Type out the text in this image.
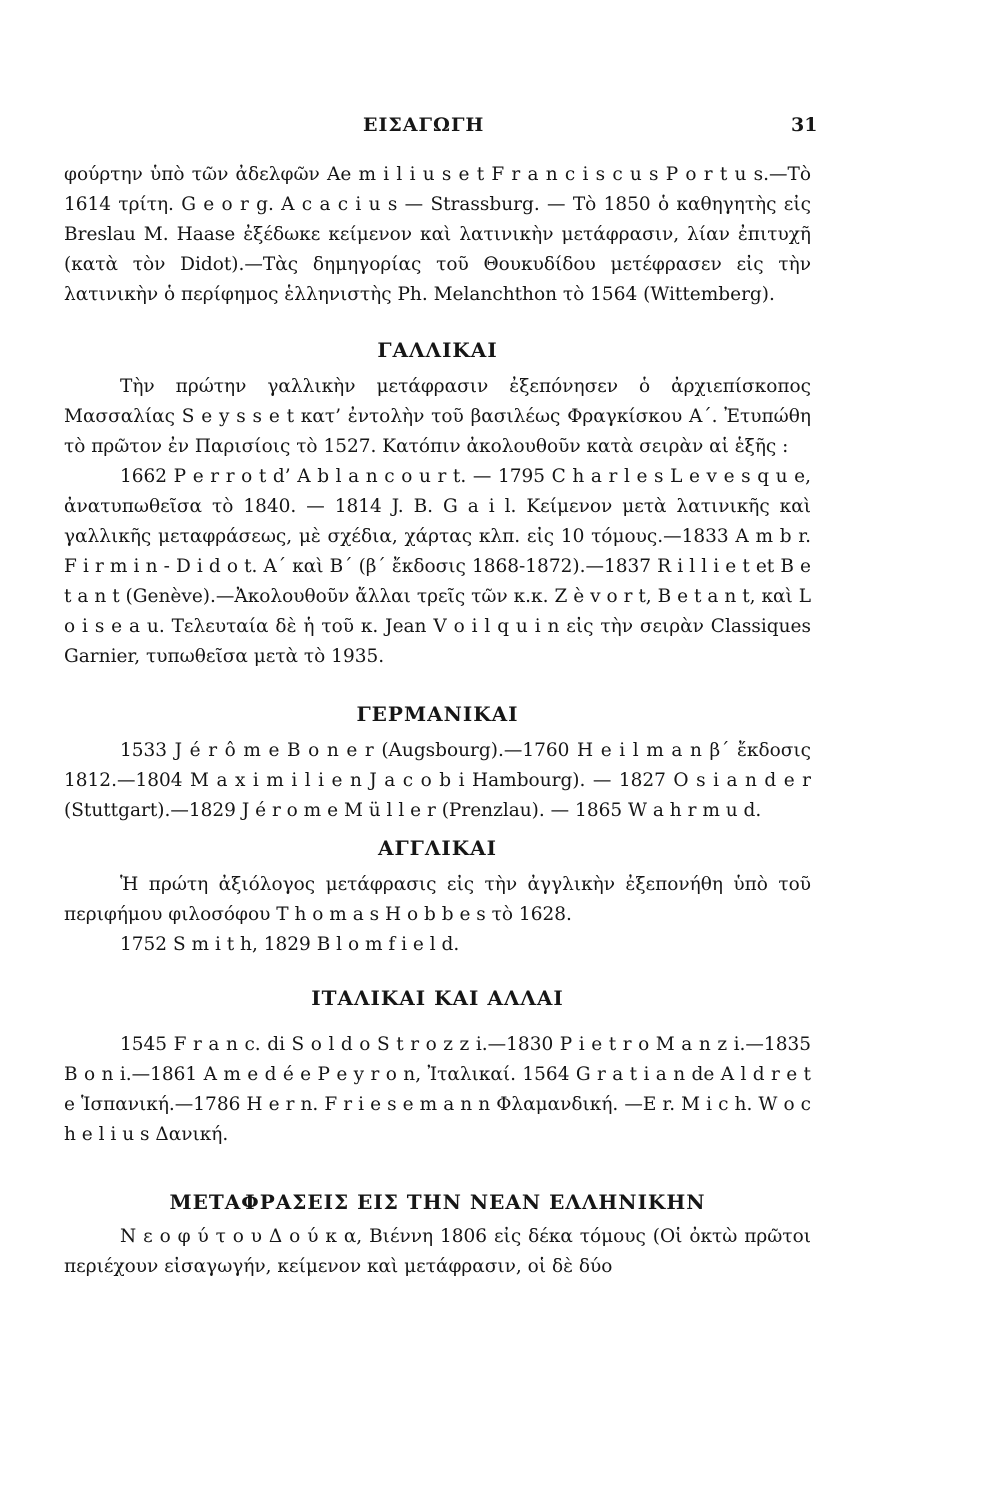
ΕΙΣΑΓΩΓΗ	31

φούρτην ὑπὸ τῶν ἀδελφῶν Ae m i l i u s e t F r a n c i s c u s P o r t u s.—Τὸ 1614 τρίτη. G e o r g. A c a c i u s — Strassburg. — Τὸ 1850 ὁ καθηγητὴς εἰς Breslau M. Haase ἐξέδωκε κείμενον καὶ λατινικὴν μετάφρασιν, λίαν ἐπιτυχῆ (κατὰ τὸν Didot).—Τὰς δημηγορίας τοῦ Θουκυδίδου μετέφρασεν εἰς τὴν λατινικὴν ὁ περίφημος ἑλληνιστὴς Ph. Melanchthon τὸ 1564 (Wittemberg).

ΓΑΛΛΙΚΑΙ

Τὴν πρώτην γαλλικὴν μετάφρασιν ἐξεπόνησεν ὁ ἀρχιεπίσκοπος Μασσαλίας S e y s s e t κατ’ ἐντολὴν τοῦ βασιλέως Φραγκίσκου Α΄. Ἐτυπώθη τὸ πρῶτον ἐν Παρισίοις τὸ 1527. Κατόπιν ἀκολουθοῦν κατὰ σειρὰν αἱ ἑξῆς :

1662 P e r r o t d’ A b l a n c o u r t. — 1795 C h a r l e s L e v e s q u e, ἀνατυπωθεῖσα τὸ 1840. — 1814 J. B. G a i l. Κείμενον μετὰ λατινικῆς καὶ γαλλικῆς μεταφράσεως, μὲ σχέδια, χάρτας κλπ. εἰς 10 τόμους.—1833 A m b r. F i r m i n - D i d o t. Α΄ καὶ Β΄ (β΄ ἔκδοσις 1868-1872).—1837 R i l l i e t et B e t a n t (Genève).—Ἀκολουθοῦν ἄλλαι τρεῖς τῶν κ.κ. Z è v o r t, B e t a n t, καὶ L o i s e a u. Τελευταία δὲ ἡ τοῦ κ. Jean V o i l q u i n εἰς τὴν σειρὰν Classiques Garnier, τυπωθεῖσα μετὰ τὸ 1935.

ΓΕΡΜΑΝΙΚΑΙ

1533 J é r ô m e B o n e r (Augsbourg).—1760 H e i l m a n β΄ ἔκδοσις 1812.—1804 M a x i m i l i e n J a c o b i Hambourg). — 1827 O s i a n d e r (Stuttgart).—1829 J é r o m e M ü l l e r (Prenzlau). — 1865 W a h r m u d.

ΑΓΓΛΙΚΑΙ

Ἡ πρώτη ἀξιόλογος μετάφρασις εἰς τὴν ἀγγλικὴν ἐξεπονήθη ὑπὸ τοῦ περιφήμου φιλοσόφου T h o m a s H o b b e s τὸ 1628.

1752 S m i t h, 1829 B l o m f i e l d.

ΙΤΑΛΙΚΑΙ ΚΑΙ ΑΛΛΑΙ

1545 F r a n c. di S o l d o S t r o z z i.—1830 P i e t r o M a n z i.—1835 B o n i.—1861 A m e d é e P e y r o n, Ἰταλικαί. 1564 G r a t i a n de A l d r e t e Ἱσπανική.—1786 H e r n. F r i e s e m a n n Φλαμανδική. —E r. M i c h. W o c h e l i u s Δανική.

ΜΕΤΑΦΡΑΣΕΙΣ ΕΙΣ ΤΗΝ ΝΕΑΝ ΕΛΛΗΝΙΚΗΝ

Ν ε ο φ ύ τ ο υ Δ ο ύ κ α, Βιέννη 1806 εἰς δέκα τόμους (Οἱ ὀκτὼ πρῶτοι περιέχουν εἰσαγωγήν, κείμενον καὶ μετάφρασιν, οἱ δὲ δύο
